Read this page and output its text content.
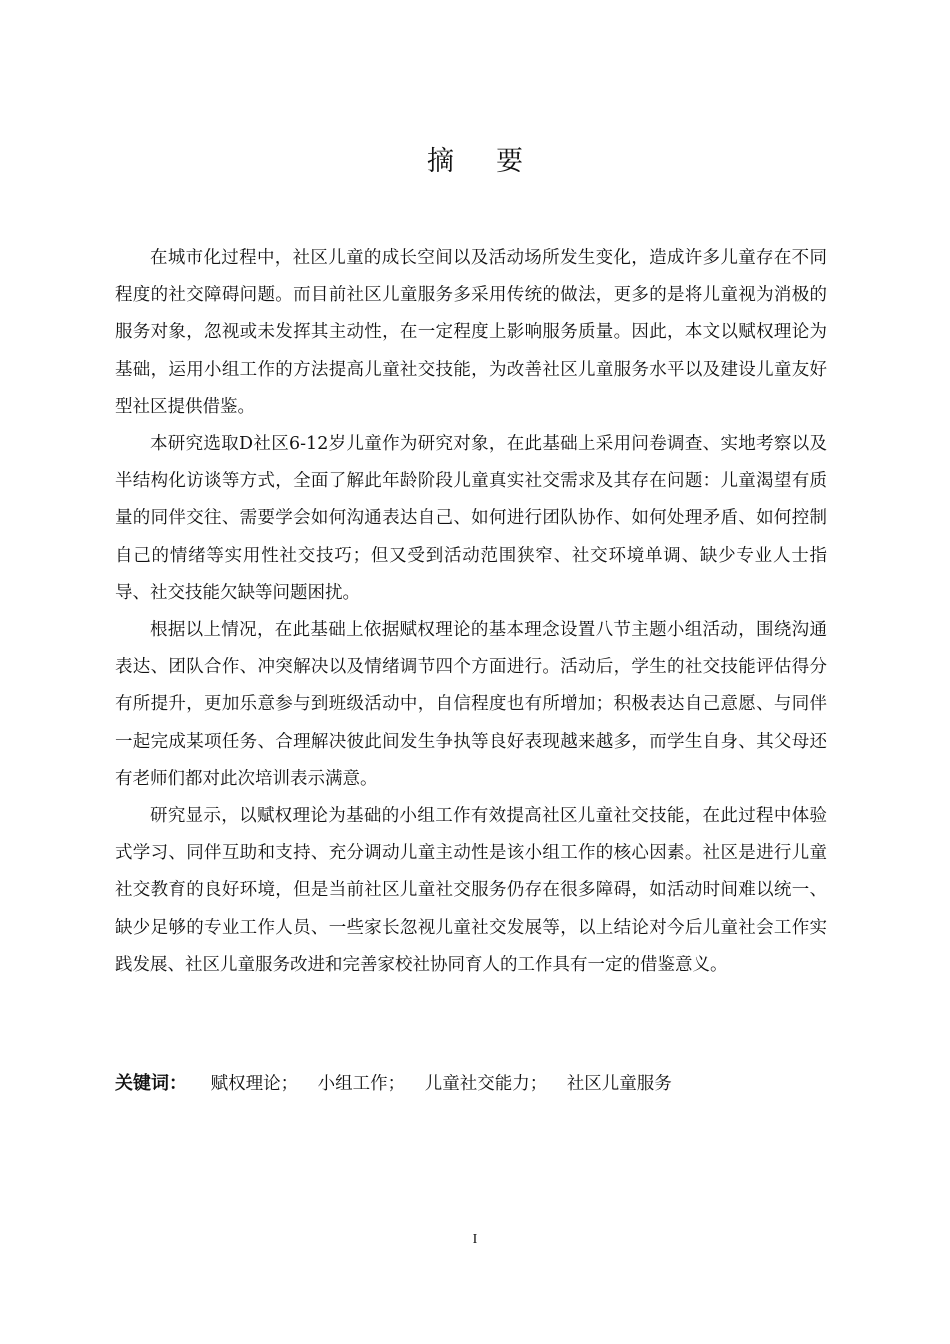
摘要

在城市化过程中，社区儿童的成长空间以及活动场所发生变化，造成许多儿童存在不同程度的社交障碍问题。而目前社区儿童服务多采用传统的做法，更多的是将儿童视为消极的服务对象，忽视或未发挥其主动性，在一定程度上影响服务质量。因此，本文以赋权理论为基础，运用小组工作的方法提高儿童社交技能，为改善社区儿童服务水平以及建设儿童友好型社区提供借鉴。

本研究选取D社区6-12岁儿童作为研究对象，在此基础上采用问卷调查、实地考察以及半结构化访谈等方式，全面了解此年龄阶段儿童真实社交需求及其存在问题：儿童渴望有质量的同伴交往、需要学会如何沟通表达自己、如何进行团队协作、如何处理矛盾、如何控制自己的情绪等实用性社交技巧；但又受到活动范围狭窄、社交环境单调、缺少专业人士指导、社交技能欠缺等问题困扰。

根据以上情况，在此基础上依据赋权理论的基本理念设置八节主题小组活动，围绕沟通表达、团队合作、冲突解决以及情绪调节四个方面进行。活动后，学生的社交技能评估得分有所提升，更加乐意参与到班级活动中，自信程度也有所增加；积极表达自己意愿、与同伴一起完成某项任务、合理解决彼此间发生争执等良好表现越来越多，而学生自身、其父母还有老师们都对此次培训表示满意。

研究显示，以赋权理论为基础的小组工作有效提高社区儿童社交技能，在此过程中体验式学习、同伴互助和支持、充分调动儿童主动性是该小组工作的核心因素。社区是进行儿童社交教育的良好环境，但是当前社区儿童社交服务仍存在很多障碍，如活动时间难以统一、缺少足够的专业工作人员、一些家长忽视儿童社交发展等，以上结论对今后儿童社会工作实践发展、社区儿童服务改进和完善家校社协同育人的工作具有一定的借鉴意义。

关键词： 赋权理论； 小组工作； 儿童社交能力； 社区儿童服务
I
